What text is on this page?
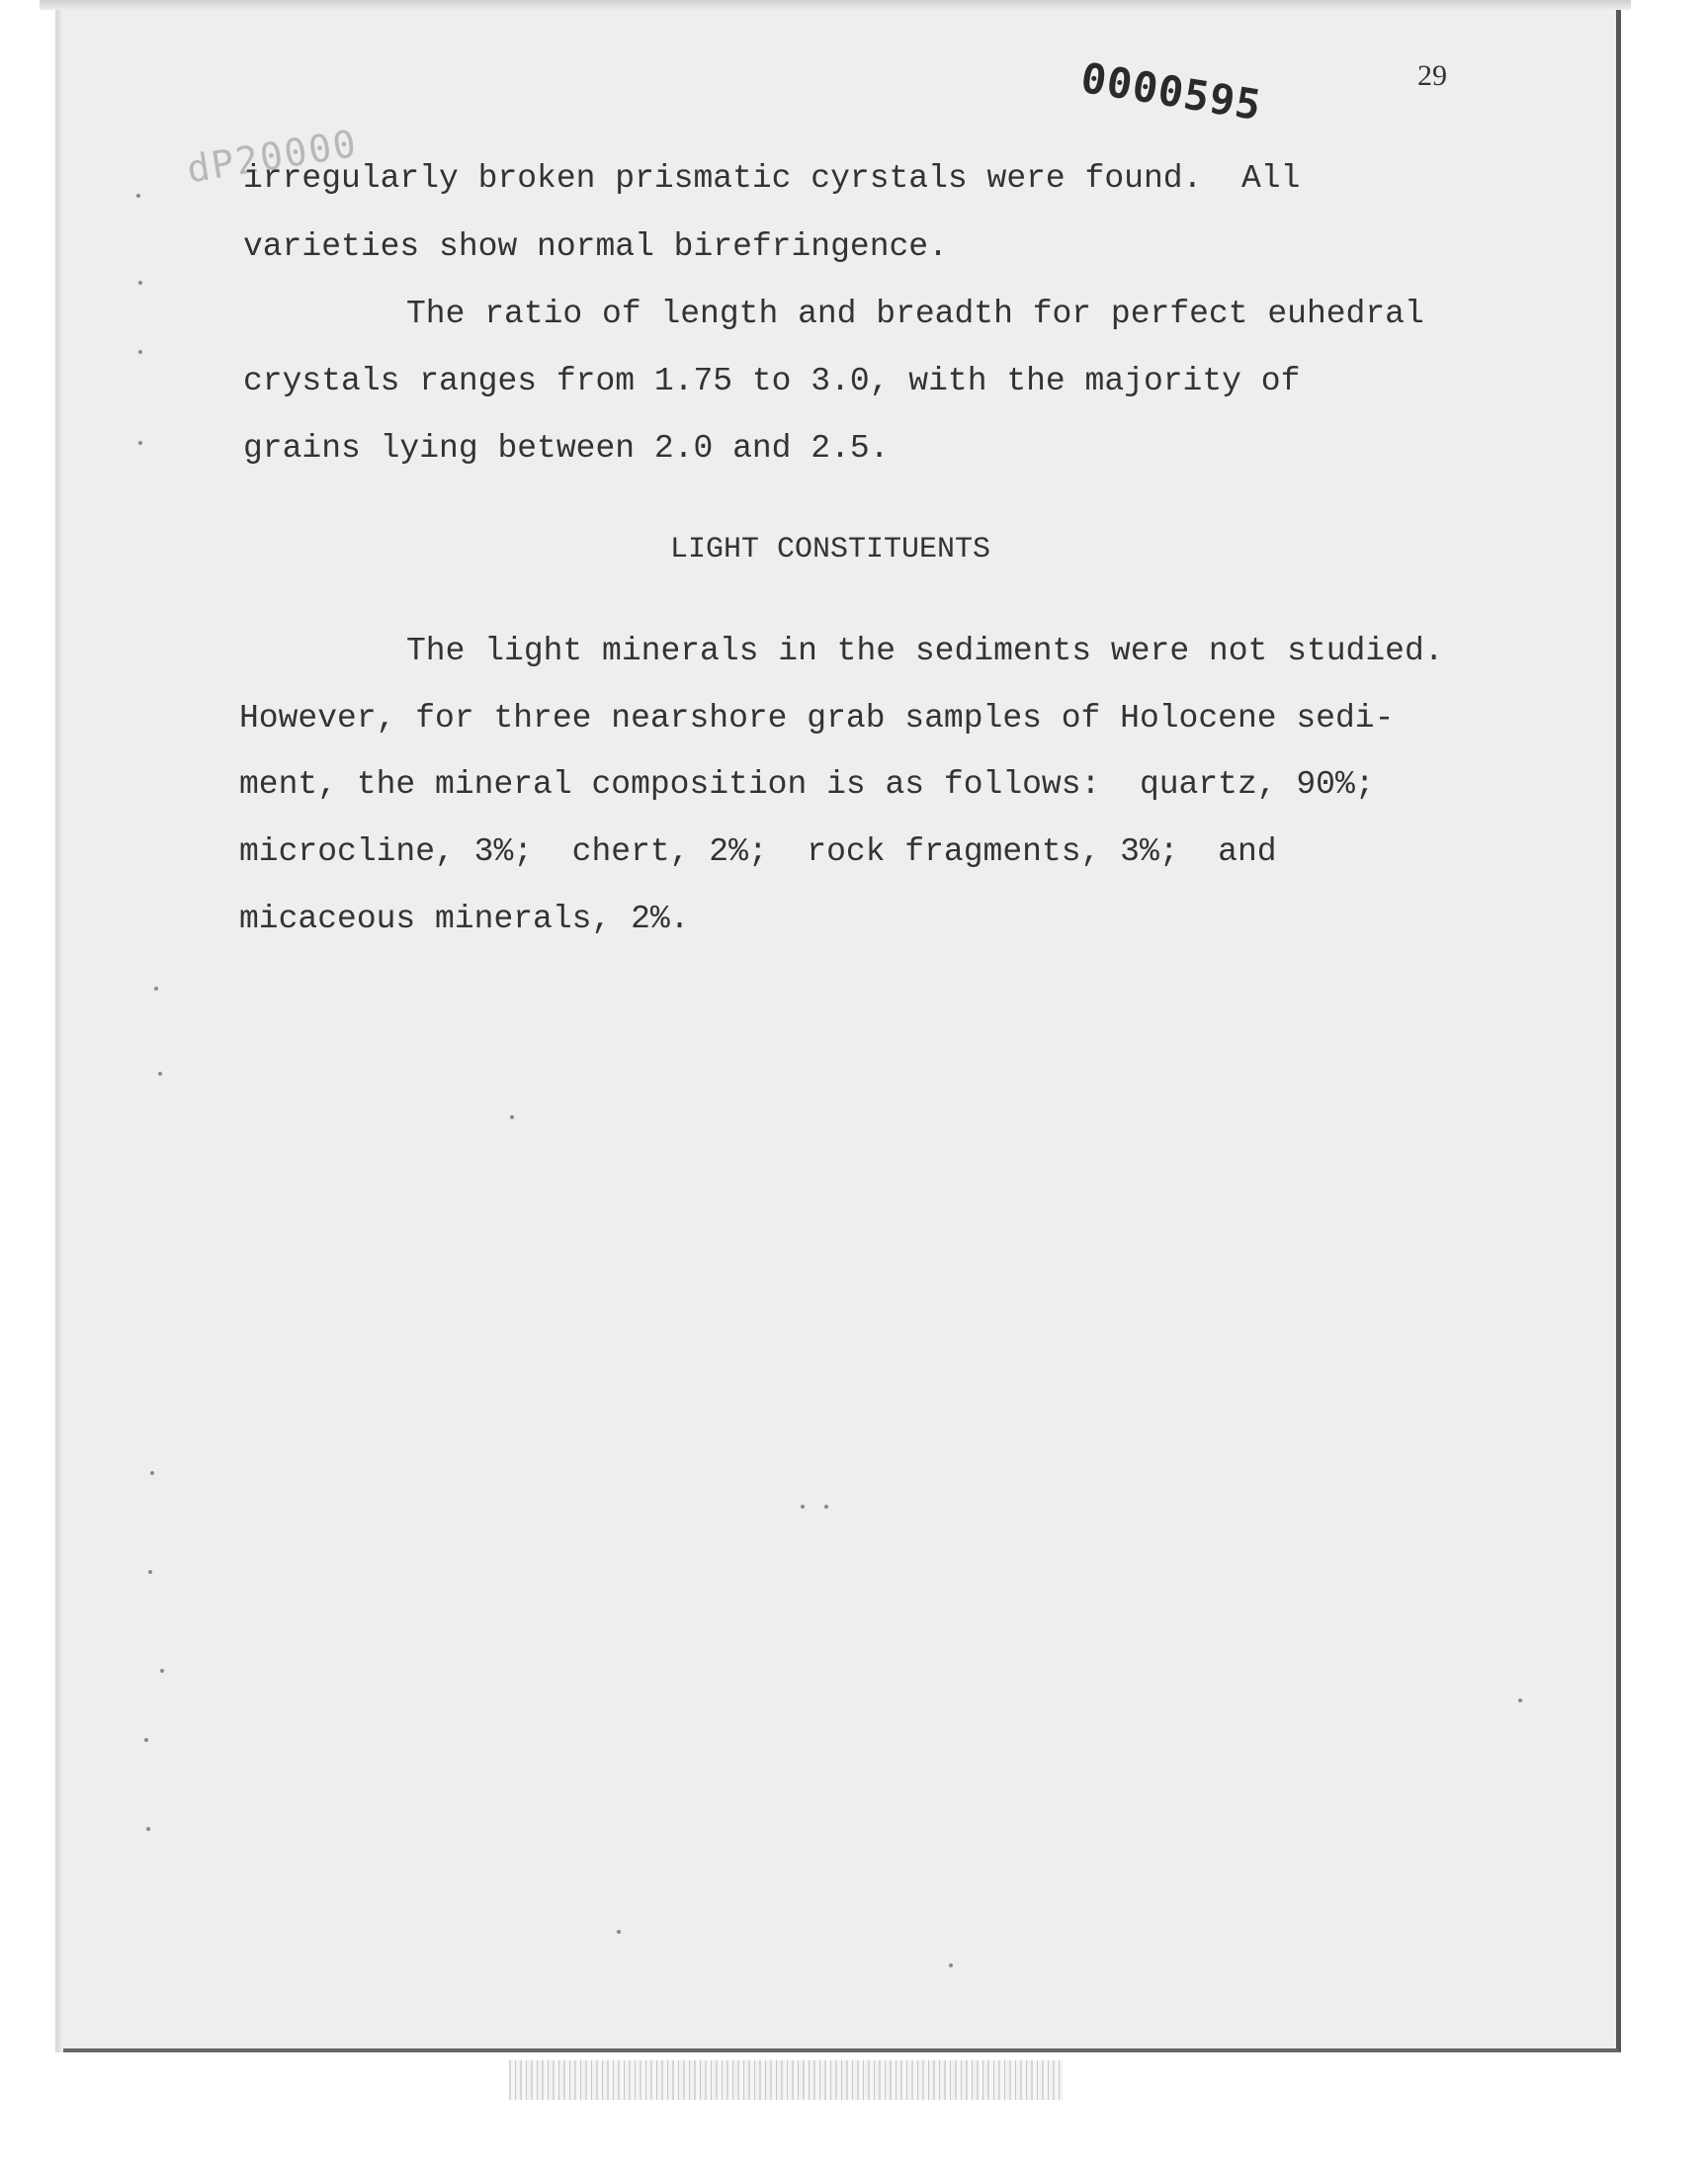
0000595	29
dP20000
irregularly broken prismatic cyrstals were found.  All
varieties show normal birefringence.
The ratio of length and breadth for perfect euhedral
crystals ranges from 1.75 to 3.0, with the majority of
grains lying between 2.0 and 2.5.
LIGHT CONSTITUENTS
The light minerals in the sediments were not studied.
However, for three nearshore grab samples of Holocene sedi-
ment, the mineral composition is as follows:  quartz, 90%;
microcline, 3%;  chert, 2%;  rock fragments, 3%;  and
micaceous minerals, 2%.
